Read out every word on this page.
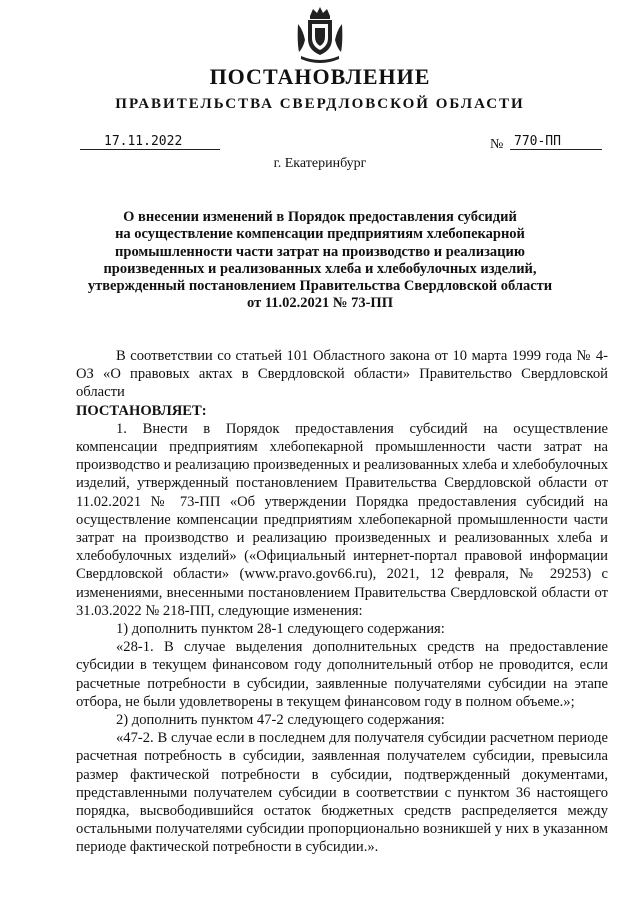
ПОСТАНОВЛЕНИЕ
ПРАВИТЕЛЬСТВА СВЕРДЛОВСКОЙ ОБЛАСТИ
17.11.2022	№ 770-ПП
г. Екатеринбург
О внесении изменений в Порядок предоставления субсидий
на осуществление компенсации предприятиям хлебопекарной
промышленности части затрат на производство и реализацию
произведенных и реализованных хлеба и хлебобулочных изделий,
утвержденный постановлением Правительства Свердловской области
от 11.02.2021 № 73-ПП

В соответствии со статьей 101 Областного закона от 10 марта 1999 года № 4-ОЗ «О правовых актах в Свердловской области» Правительство Свердловской области

ПОСТАНОВЛЯЕТ:

1. Внести в Порядок предоставления субсидий на осуществление компенсации предприятиям хлебопекарной промышленности части затрат на производство и реализацию произведенных и реализованных хлеба и хлебобулочных изделий, утвержденный постановлением Правительства Свердловской области от 11.02.2021 № 73-ПП «Об утверждении Порядка предоставления субсидий на осуществление компенсации предприятиям хлебопекарной промышленности части затрат на производство и реализацию произведенных и реализованных хлеба и хлебобулочных изделий» («Официальный интернет-портал правовой информации Свердловской области» (www.pravo.gov66.ru), 2021, 12 февраля, № 29253) с изменениями, внесенными постановлением Правительства Свердловской области от 31.03.2022 № 218-ПП, следующие изменения:

1) дополнить пунктом 28-1 следующего содержания:

«28-1. В случае выделения дополнительных средств на предоставление субсидии в текущем финансовом году дополнительный отбор не проводится, если расчетные потребности в субсидии, заявленные получателями субсидии на этапе отбора, не были удовлетворены в текущем финансовом году в полном объеме.»;

2) дополнить пунктом 47-2 следующего содержания:

«47-2. В случае если в последнем для получателя субсидии расчетном периоде расчетная потребность в субсидии, заявленная получателем субсидии, превысила размер фактической потребности в субсидии, подтвержденный документами, представленными получателем субсидии в соответствии с пунктом 36 настоящего порядка, высвободившийся остаток бюджетных средств распределяется между остальными получателями субсидии пропорционально возникшей у них в указанном периоде фактической потребности в субсидии.».
